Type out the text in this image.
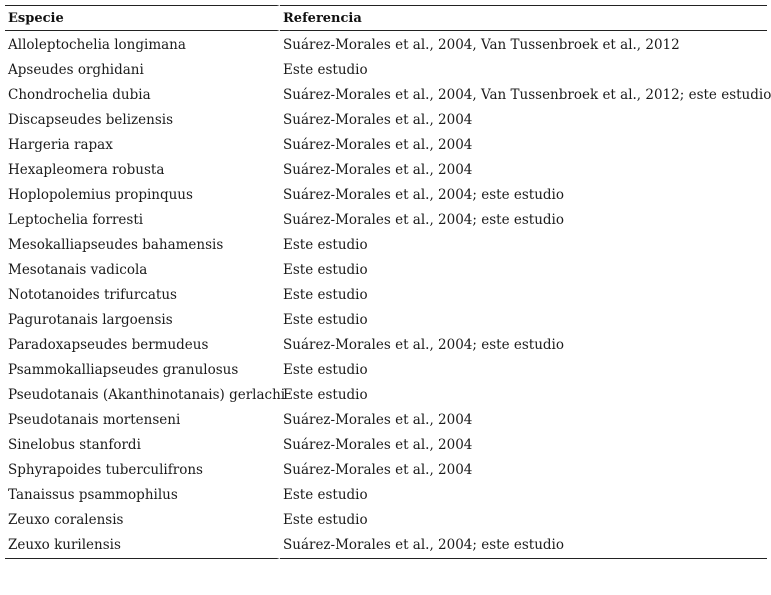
Especie	Referencia
Alloleptochelia longimana	Suárez-Morales et al., 2004, Van Tussenbroek et al., 2012
Apseudes orghidani	Este estudio
Chondrochelia dubia	Suárez-Morales et al., 2004, Van Tussenbroek et al., 2012; este estudio
Discapseudes belizensis	Suárez-Morales et al., 2004
Hargeria rapax	Suárez-Morales et al., 2004
Hexapleomera robusta	Suárez-Morales et al., 2004
Hoplopolemius propinquus	Suárez-Morales et al., 2004; este estudio
Leptochelia forresti	Suárez-Morales et al., 2004; este estudio
Mesokalliapseudes bahamensis	Este estudio
Mesotanais vadicola	Este estudio
Nototanoides trifurcatus	Este estudio
Pagurotanais largoensis	Este estudio
Paradoxapseudes bermudeus	Suárez-Morales et al., 2004; este estudio
Psammokalliapseudes granulosus	Este estudio
Pseudotanais (Akanthinotanais) gerlachi	Este estudio
Pseudotanais mortenseni	Suárez-Morales et al., 2004
Sinelobus stanfordi	Suárez-Morales et al., 2004
Sphyrapoides tuberculifrons	Suárez-Morales et al., 2004
Tanaissus psammophilus	Este estudio
Zeuxo coralensis	Este estudio
Zeuxo kurilensis	Suárez-Morales et al., 2004; este estudio
